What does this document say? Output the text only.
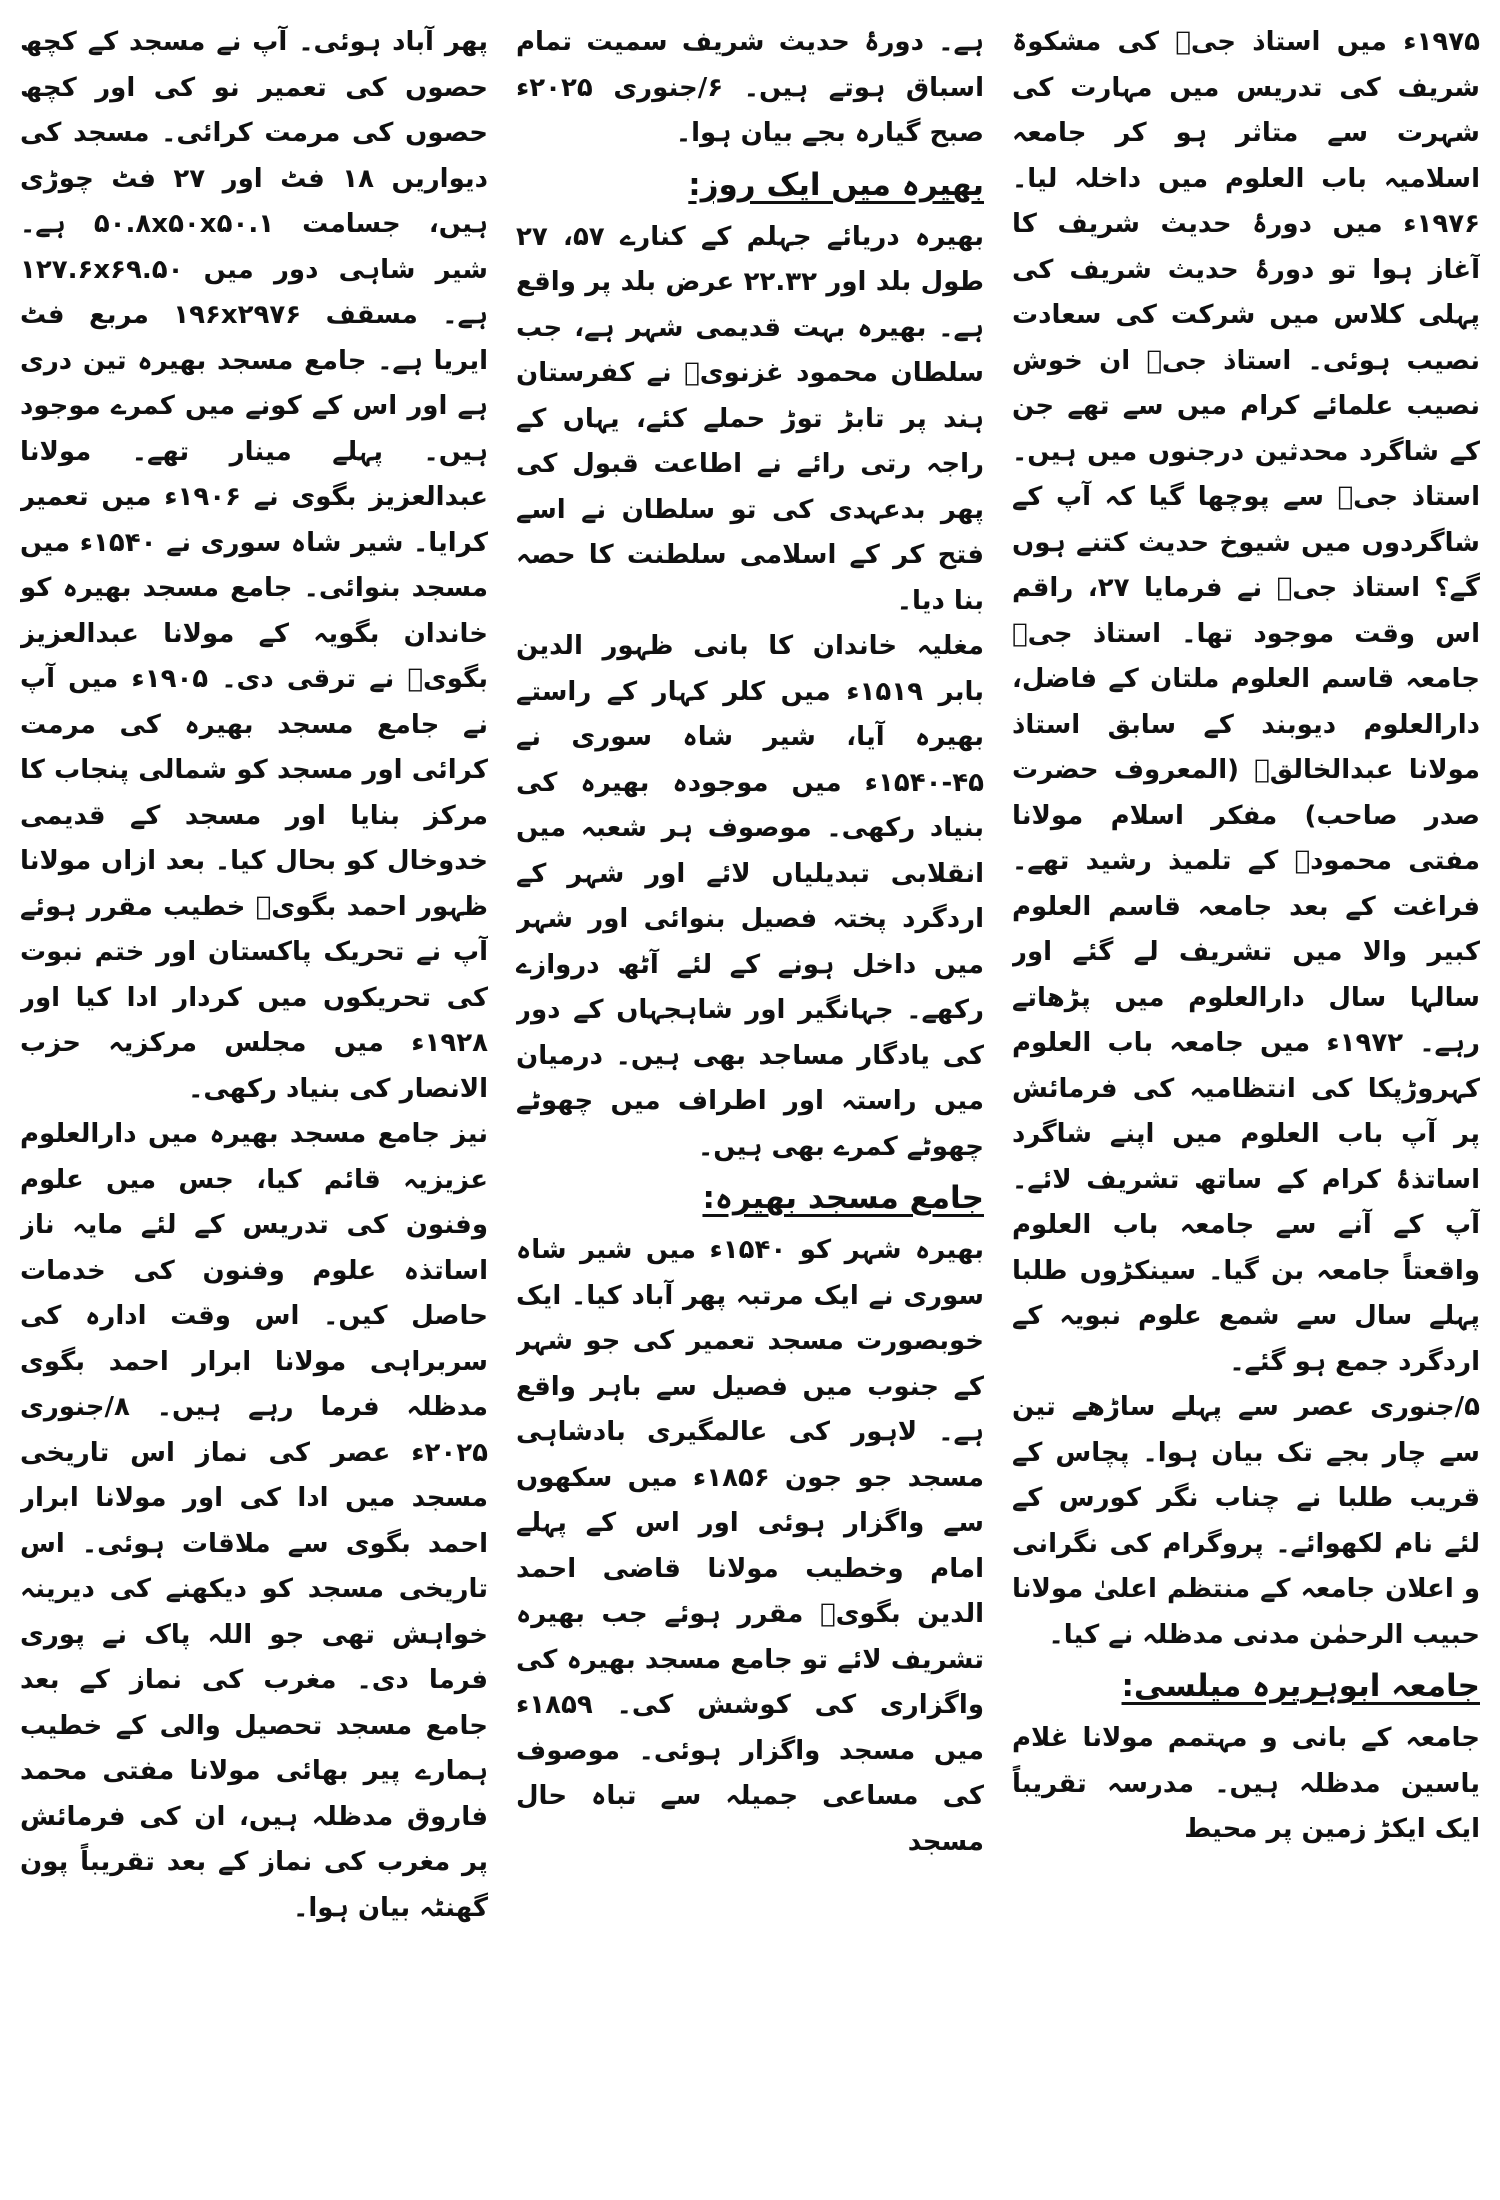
۱۹۷۵ء میں استاذ جیؒ کی مشکوۃ شریف کی تدریس میں مہارت کی شہرت سے متاثر ہو کر جامعہ اسلامیہ باب العلوم میں داخلہ لیا۔ ۱۹۷۶ء میں دورۂ حدیث شریف کا آغاز ہوا تو دورۂ حدیث شریف کی پہلی کلاس میں شرکت کی سعادت نصیب ہوئی۔ استاذ جیؒ ان خوش نصیب علمائے کرام میں سے تھے جن کے شاگرد محدثین درجنوں میں ہیں۔ استاذ جیؒ سے پوچھا گیا کہ آپ کے شاگردوں میں شیوخ حدیث کتنے ہوں گے؟ استاذ جیؒ نے فرمایا ۲۷، راقم اس وقت موجود تھا۔ استاذ جیؒ جامعہ قاسم العلوم ملتان کے فاضل، دارالعلوم دیوبند کے سابق استاذ مولانا عبدالخالقؒ (المعروف حضرت صدر صاحب) مفکر اسلام مولانا مفتی محمودؒ کے تلمیذ رشید تھے۔ فراغت کے بعد جامعہ قاسم العلوم کبیر والا میں تشریف لے گئے اور سالہا سال دارالعلوم میں پڑھاتے رہے۔ ۱۹۷۲ء میں جامعہ باب العلوم کہروڑپکا کی انتظامیہ کی فرمائش پر آپ باب العلوم میں اپنے شاگرد اساتذۂ کرام کے ساتھ تشریف لائے۔ آپ کے آنے سے جامعہ باب العلوم واقعتاً جامعہ بن گیا۔ سینکڑوں طلبا پہلے سال سے شمع علوم نبویہ کے اردگرد جمع ہو گئے۔

۵/جنوری عصر سے پہلے ساڑھے تین سے چار بجے تک بیان ہوا۔ پچاس کے قریب طلبا نے چناب نگر کورس کے لئے نام لکھوائے۔ پروگرام کی نگرانی و اعلان جامعہ کے منتظم اعلیٰ مولانا حبیب الرحمٰن مدنی مدظلہ نے کیا۔

جامعہ ابوہریرہ میلسی:

جامعہ کے بانی و مہتمم مولانا غلام یاسین مدظلہ ہیں۔ مدرسہ تقریباً ایک ایکڑ زمین پر محیط

ہے۔ دورۂ حدیث شریف سمیت تمام اسباق ہوتے ہیں۔ ۶/جنوری ۲۰۲۵ء صبح گیارہ بجے بیان ہوا۔

بھیرہ میں ایک روز:

بھیرہ دریائے جہلم کے کنارے ۵۷، ۲۷ طول بلد اور ۲۲.۳۲ عرض بلد پر واقع ہے۔ بھیرہ بہت قدیمی شہر ہے، جب سلطان محمود غزنویؒ نے کفرستان ہند پر تابڑ توڑ حملے کئے، یہاں کے راجہ رتی رائے نے اطاعت قبول کی پھر بدعہدی کی تو سلطان نے اسے فتح کر کے اسلامی سلطنت کا حصہ بنا دیا۔

مغلیہ خاندان کا بانی ظہور الدین بابر ۱۵۱۹ء میں کلر کہار کے راستے بھیرہ آیا، شیر شاہ سوری نے ۴۵-۱۵۴۰ء میں موجودہ بھیرہ کی بنیاد رکھی۔ موصوف ہر شعبہ میں انقلابی تبدیلیاں لائے اور شہر کے اردگرد پختہ فصیل بنوائی اور شہر میں داخل ہونے کے لئے آٹھ دروازے رکھے۔ جہانگیر اور شاہجہاں کے دور کی یادگار مساجد بھی ہیں۔ درمیان میں راستہ اور اطراف میں چھوٹے چھوٹے کمرے بھی ہیں۔

جامع مسجد بھیرہ:

بھیرہ شہر کو ۱۵۴۰ء میں شیر شاہ سوری نے ایک مرتبہ پھر آباد کیا۔ ایک خوبصورت مسجد تعمیر کی جو شہر کے جنوب میں فصیل سے باہر واقع ہے۔ لاہور کی عالمگیری بادشاہی مسجد جو جون ۱۸۵۶ء میں سکھوں سے واگزار ہوئی اور اس کے پہلے امام وخطیب مولانا قاضی احمد الدین بگویؒ مقرر ہوئے جب بھیرہ تشریف لائے تو جامع مسجد بھیرہ کی واگزاری کی کوشش کی۔ ۱۸۵۹ء میں مسجد واگزار ہوئی۔ موصوف کی مساعی جمیلہ سے تباہ حال مسجد

پھر آباد ہوئی۔ آپ نے مسجد کے کچھ حصوں کی تعمیر نو کی اور کچھ حصوں کی مرمت کرائی۔ مسجد کی دیواریں ۱۸ فٹ اور ۲۷ فٹ چوڑی ہیں، جسامت ۵۰.۸x۵۰x۵۰.۱ ہے۔ شیر شاہی دور میں ۱۲۷.۶x۶۹.۵۰ ہے۔ مسقف ۱۹۶x۲۹۷۶ مربع فٹ ایریا ہے۔ جامع مسجد بھیرہ تین دری ہے اور اس کے کونے میں کمرے موجود ہیں۔ پہلے مینار تھے۔ مولانا عبدالعزیز بگوی نے ۱۹۰۶ء میں تعمیر کرایا۔ شیر شاہ سوری نے ۱۵۴۰ء میں مسجد بنوائی۔ جامع مسجد بھیرہ کو خاندان بگویہ کے مولانا عبدالعزیز بگویؒ نے ترقی دی۔ ۱۹۰۵ء میں آپ نے جامع مسجد بھیرہ کی مرمت کرائی اور مسجد کو شمالی پنجاب کا مرکز بنایا اور مسجد کے قدیمی خدوخال کو بحال کیا۔ بعد ازاں مولانا ظہور احمد بگویؒ خطیب مقرر ہوئے آپ نے تحریک پاکستان اور ختم نبوت کی تحریکوں میں کردار ادا کیا اور ۱۹۲۸ء میں مجلس مرکزیہ حزب الانصار کی بنیاد رکھی۔

نیز جامع مسجد بھیرہ میں دارالعلوم عزیزیہ قائم کیا، جس میں علوم وفنون کی تدریس کے لئے مایہ ناز اساتذہ علوم وفنون کی خدمات حاصل کیں۔ اس وقت ادارہ کی سربراہی مولانا ابرار احمد بگوی مدظلہ فرما رہے ہیں۔ ۸/جنوری ۲۰۲۵ء عصر کی نماز اس تاریخی مسجد میں ادا کی اور مولانا ابرار احمد بگوی سے ملاقات ہوئی۔ اس تاریخی مسجد کو دیکھنے کی دیرینہ خواہش تھی جو اللہ پاک نے پوری فرما دی۔ مغرب کی نماز کے بعد جامع مسجد تحصیل والی کے خطیب ہمارے پیر بھائی مولانا مفتی محمد فاروق مدظلہ ہیں، ان کی فرمائش پر مغرب کی نماز کے بعد تقریباً پون گھنٹہ بیان ہوا۔
